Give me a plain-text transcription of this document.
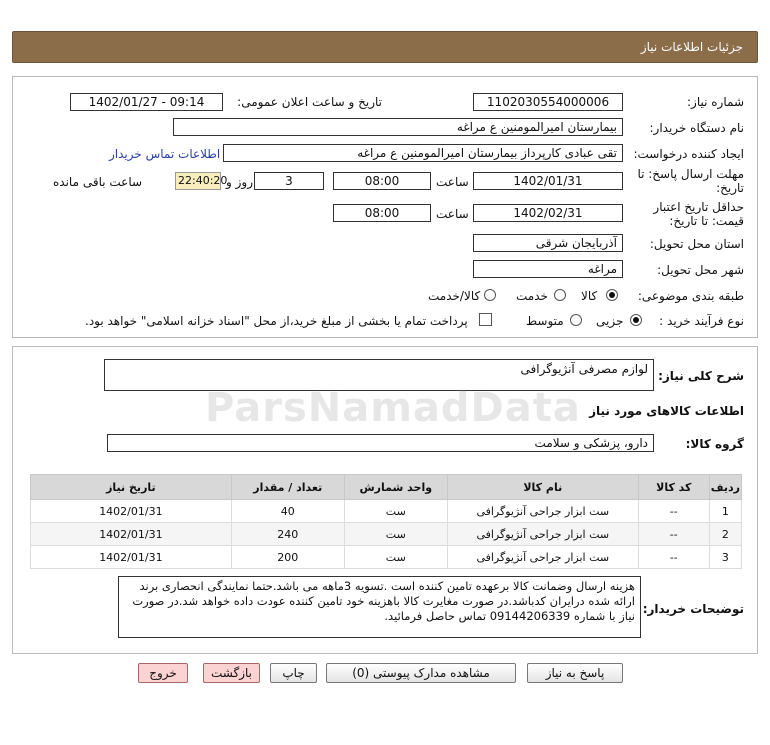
جزئیات اطلاعات نیاز
شماره نیاز:
1102030554000006
تاریخ و ساعت اعلان عمومی:
1402/01/27 - 09:14
نام دستگاه خریدار:
بیمارستان امیرالمومنین ع مراغه
ایجاد کننده درخواست:
تقی عبادی کارپرداز بیمارستان امیرالمومنین ع مراغه
اطلاعات تماس خریدار
مهلت ارسال پاسخ: تا
تاریخ:
1402/01/31
ساعت
08:00
3
روز و
22:40:20
ساعت باقی مانده
حداقل تاریخ اعتبار
قیمت: تا تاریخ:
1402/02/31
ساعت
08:00
استان محل تحویل:
آذربایجان شرقی
شهر محل تحویل:
مراغه
طبقه بندی موضوعی:
کالا
خدمت
کالا/خدمت
نوع فرآیند خرید :
جزیی
متوسط
پرداخت تمام یا بخشی از مبلغ خرید،از محل "اسناد خزانه اسلامی" خواهد بود.
شرح کلی نیاز:
لوازم مصرفی آنژیوگرافی
اطلاعات کالاهای مورد نیاز
گروه کالا:
دارو، پزشکی و سلامت
ردیف	کد کالا	نام کالا	واحد شمارش	تعداد / مقدار	تاریخ نیاز
1	--	ست ابزار جراحی آنژیوگرافی	ست	40	1402/01/31
2	--	ست ابزار جراحی آنژیوگرافی	ست	240	1402/01/31
3	--	ست ابزار جراحی آنژیوگرافی	ست	200	1402/01/31
توضیحات خریدار:
هزینه ارسال وضمانت کالا برعهده تامین کننده است .تسویه 3ماهه می باشد.حتما نمایندگی انحصاری برند ارائه شده درایران کدباشد.در صورت مغایرت کالا باهزینه خود تامین کننده عودت داده خواهد شد.در صورت نیاز با شماره 09144206339 تماس حاصل فرمائید.
ParsNamadData
پاسخ به نیاز
مشاهده مدارک پیوستی (0)
چاپ
بازگشت
خروج
